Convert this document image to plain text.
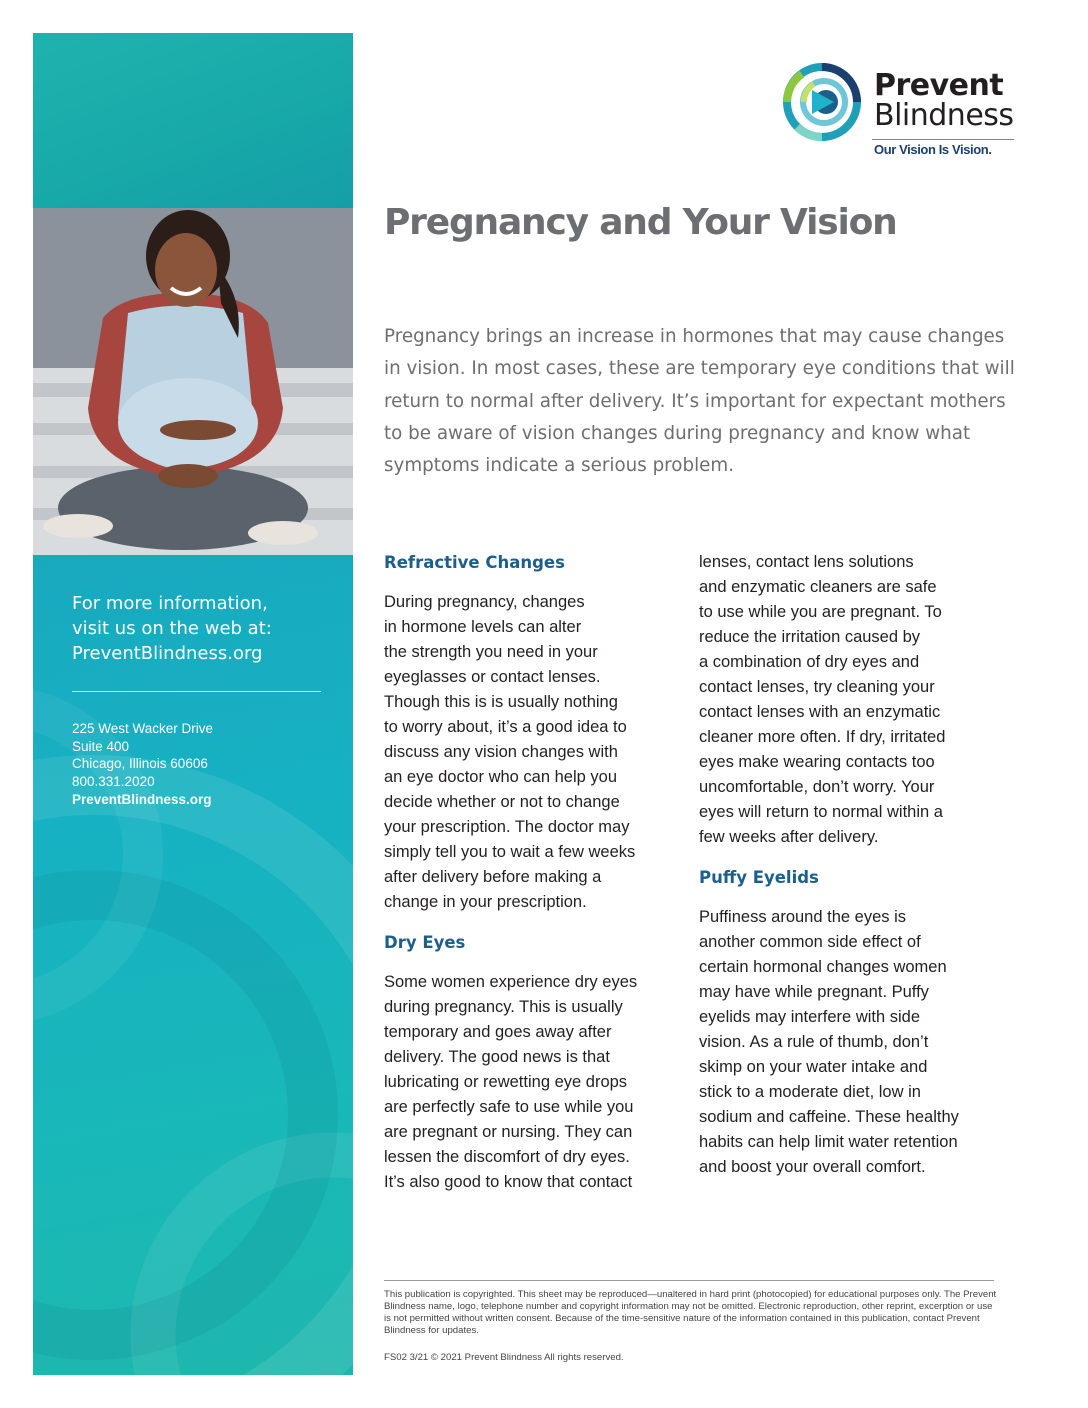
For more information,
visit us on the web at:
PreventBlindness.org
225 West Wacker Drive
Suite 400
Chicago, Illinois 60606
800.331.2020
PreventBlindness.org
Prevent
Blindness
Our Vision Is Vision.
Pregnancy and Your Vision
Pregnancy brings an increase in hormones that may cause changes in vision. In most cases, these are temporary eye conditions that will return to normal after delivery. It’s important for expectant mothers to be aware of vision changes during pregnancy and know what symptoms indicate a serious problem.
Refractive Changes

During pregnancy, changes
in hormone levels can alter
the strength you need in your
eyeglasses or contact lenses.
Though this is is usually nothing
to worry about, it’s a good idea to
discuss any vision changes with
an eye doctor who can help you
decide whether or not to change
your prescription. The doctor may
simply tell you to wait a few weeks
after delivery before making a
change in your prescription.

Dry Eyes

Some women experience dry eyes
during pregnancy. This is usually
temporary and goes away after
delivery. The good news is that
lubricating or rewetting eye drops
are perfectly safe to use while you
are pregnant or nursing. They can
lessen the discomfort of dry eyes.
It’s also good to know that contact

lenses, contact lens solutions
and enzymatic cleaners are safe
to use while you are pregnant. To
reduce the irritation caused by
a combination of dry eyes and
contact lenses, try cleaning your
contact lenses with an enzymatic
cleaner more often. If dry, irritated
eyes make wearing contacts too
uncomfortable, don’t worry. Your
eyes will return to normal within a
few weeks after delivery.

Puffy Eyelids

Puffiness around the eyes is
another common side effect of
certain hormonal changes women
may have while pregnant. Puffy
eyelids may interfere with side
vision. As a rule of thumb, don’t
skimp on your water intake and
stick to a moderate diet, low in
sodium and caffeine. These healthy
habits can help limit water retention
and boost your overall comfort.

This publication is copyrighted. This sheet may be reproduced—unaltered in hard print (photocopied) for educational purposes only. The Prevent Blindness name, logo, telephone number and copyright information may not be omitted. Electronic reproduction, other reprint, excerption or use is not permitted without written consent. Because of the time-sensitive nature of the information contained in this publication, contact Prevent Blindness for updates.
FS02 3/21 © 2021 Prevent Blindness All rights reserved.
